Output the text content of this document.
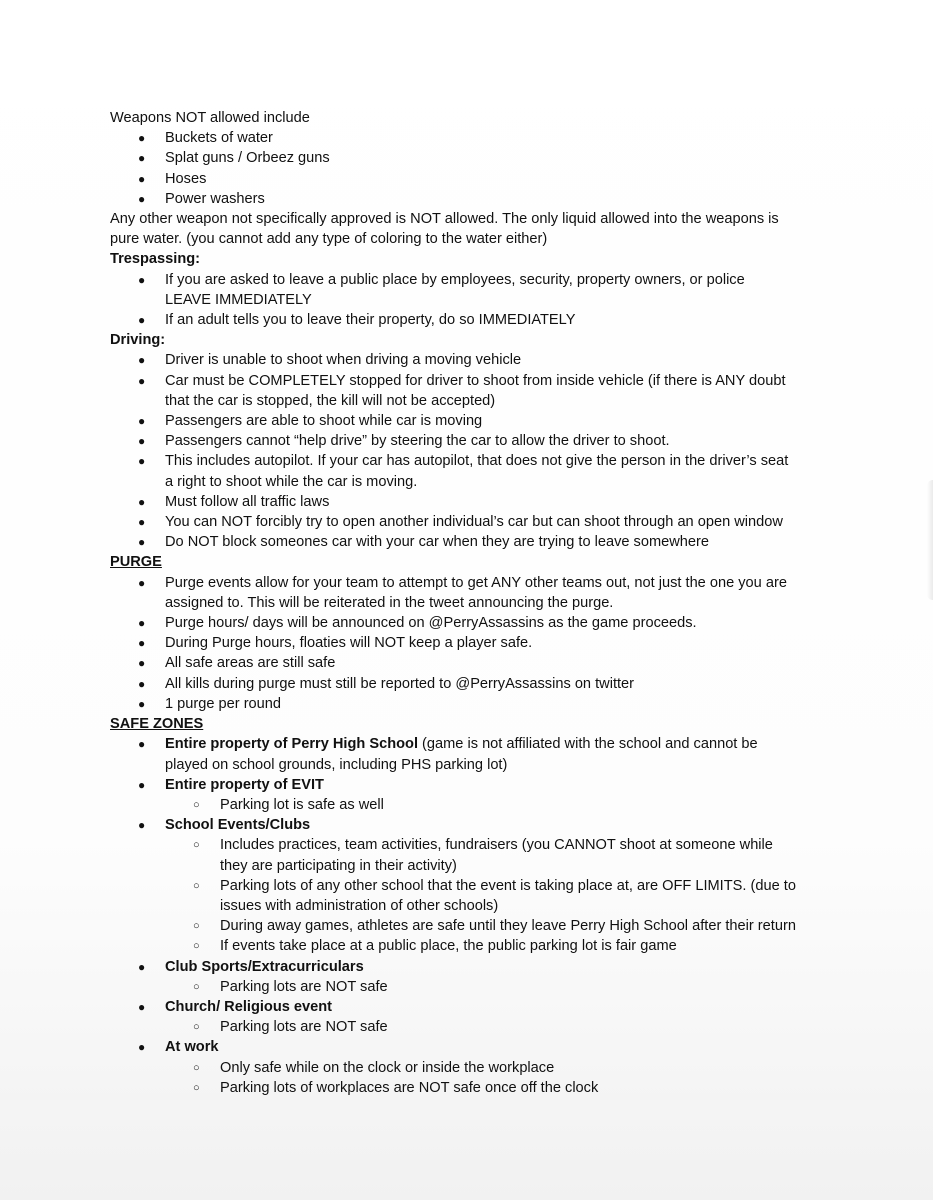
Weapons NOT allowed include

● Buckets of water
● Splat guns / Orbeez guns
● Hoses
● Power washers

Any other weapon not specifically approved is NOT allowed. The only liquid allowed into the weapons is

pure water. (you cannot add any type of coloring to the water either)

Trespassing:

● If you are asked to leave a public place by employees, security, property owners, or police
LEAVE IMMEDIATELY
● If an adult tells you to leave their property, do so IMMEDIATELY

Driving:

● Driver is unable to shoot when driving a moving vehicle
● Car must be COMPLETELY stopped for driver to shoot from inside vehicle (if there is ANY doubt
that the car is stopped, the kill will not be accepted)
● Passengers are able to shoot while car is moving
● Passengers cannot “help drive” by steering the car to allow the driver to shoot.
● This includes autopilot. If your car has autopilot, that does not give the person in the driver’s seat
a right to shoot while the car is moving.
● Must follow all traffic laws
● You can NOT forcibly try to open another individual’s car but can shoot through an open window
● Do NOT block someones car with your car when they are trying to leave somewhere

PURGE

● Purge events allow for your team to attempt to get ANY other teams out, not just the one you are
assigned to. This will be reiterated in the tweet announcing the purge.
● Purge hours/ days will be announced on @PerryAssassins as the game proceeds.
● During Purge hours, floaties will NOT keep a player safe.
● All safe areas are still safe
● All kills during purge must still be reported to @PerryAssassins on twitter
● 1 purge per round

SAFE ZONES

● Entire property of Perry High School (game is not affiliated with the school and cannot be
played on school grounds, including PHS parking lot)
● Entire property of EVIT
○ Parking lot is safe as well
● School Events/Clubs
○ Includes practices, team activities, fundraisers (you CANNOT shoot at someone while
they are participating in their activity)
○ Parking lots of any other school that the event is taking place at, are OFF LIMITS. (due to
issues with administration of other schools)
○ During away games, athletes are safe until they leave Perry High School after their return
○ If events take place at a public place, the public parking lot is fair game
● Club Sports/Extracurriculars
○ Parking lots are NOT safe
● Church/ Religious event
○ Parking lots are NOT safe
● At work
○ Only safe while on the clock or inside the workplace
○ Parking lots of workplaces are NOT safe once off the clock
